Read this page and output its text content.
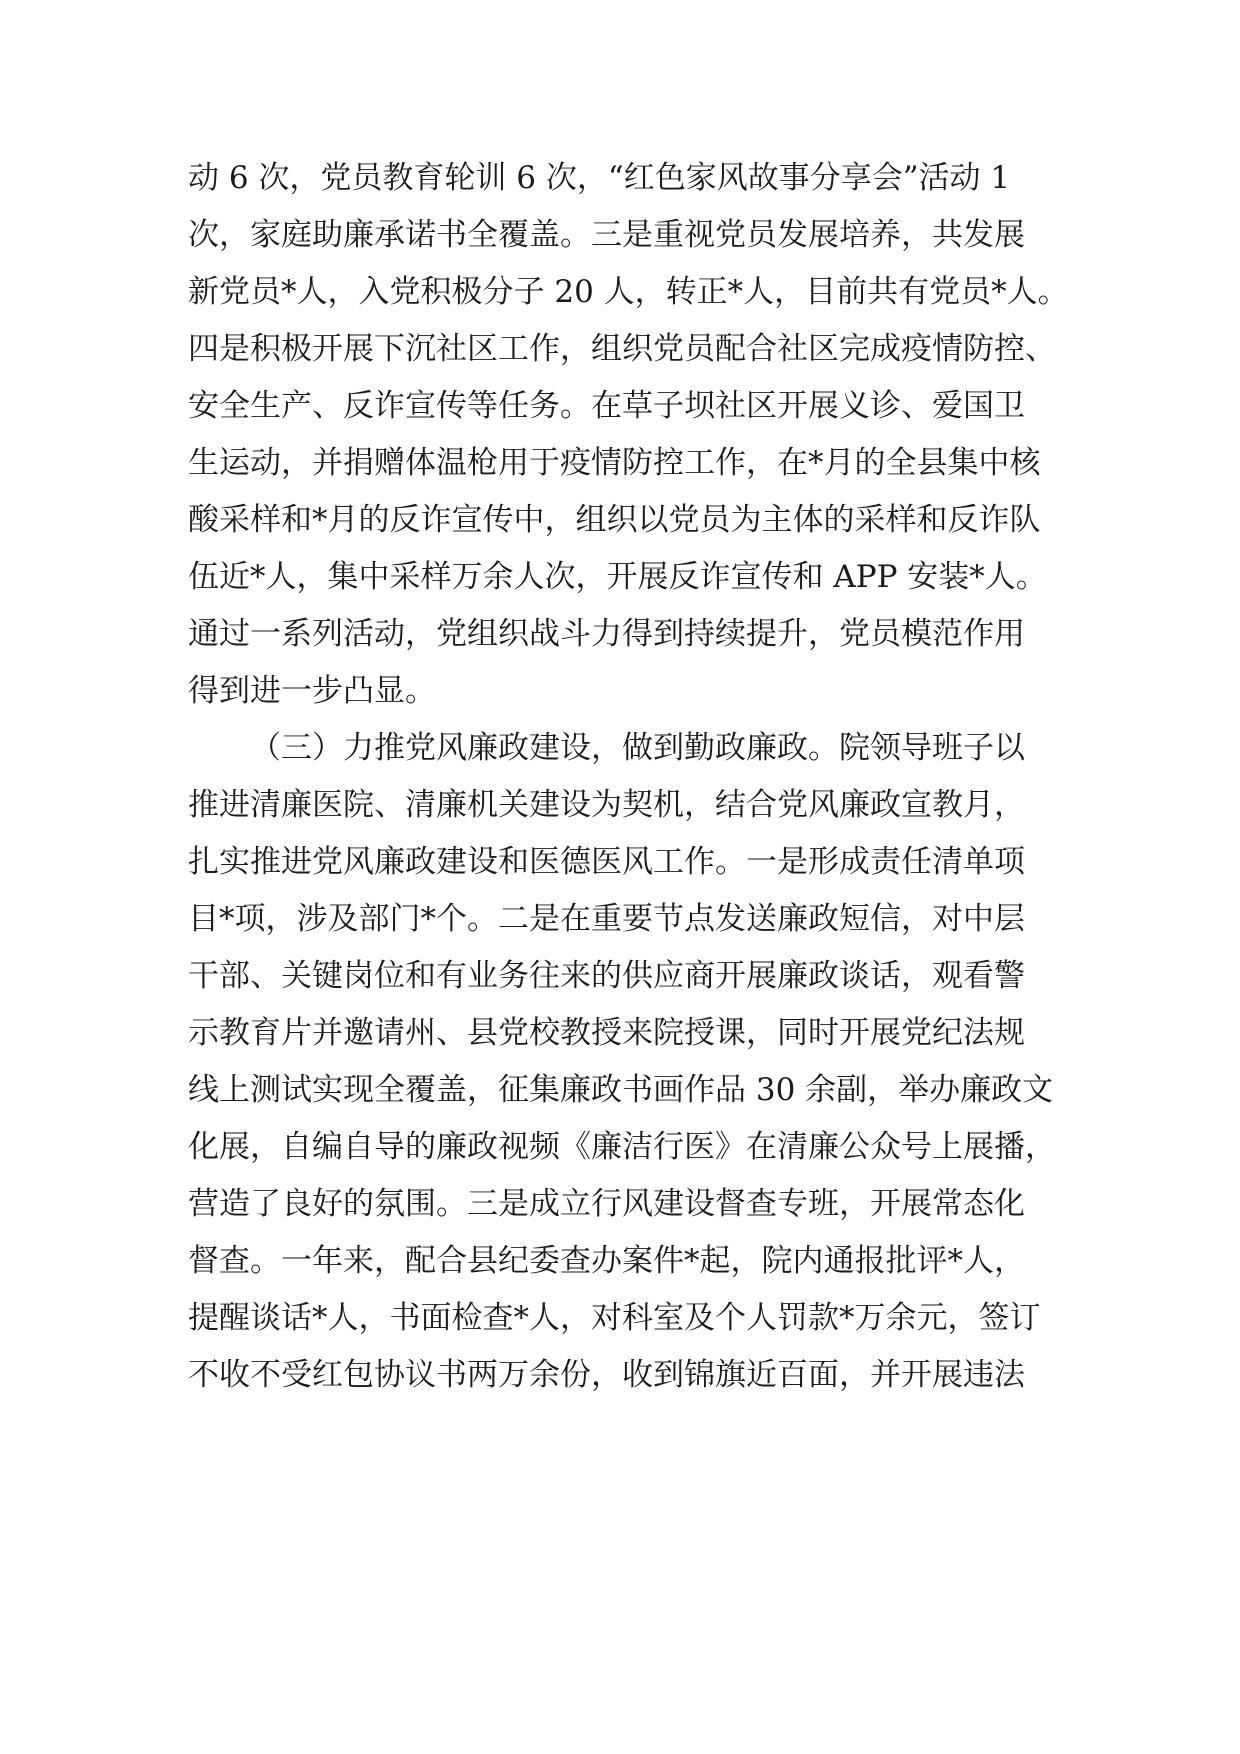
动 6 次，党员教育轮训 6 次，“红色家风故事分享会”活动 1
次，家庭助廉承诺书全覆盖。三是重视党员发展培养，共发展
新党员*人，入党积极分子 20 人，转正*人，目前共有党员*人。
四是积极开展下沉社区工作，组织党员配合社区完成疫情防控、
安全生产、反诈宣传等任务。在草子坝社区开展义诊、爱国卫
生运动，并捐赠体温枪用于疫情防控工作，在*月的全县集中核
酸采样和*月的反诈宣传中，组织以党员为主体的采样和反诈队
伍近*人，集中采样万余人次，开展反诈宣传和 APP 安装*人。
通过一系列活动，党组织战斗力得到持续提升，党员模范作用
得到进一步凸显。
（三）力推党风廉政建设，做到勤政廉政。院领导班子以
推进清廉医院、清廉机关建设为契机，结合党风廉政宣教月，
扎实推进党风廉政建设和医德医风工作。一是形成责任清单项
目*项，涉及部门*个。二是在重要节点发送廉政短信，对中层
干部、关键岗位和有业务往来的供应商开展廉政谈话，观看警
示教育片并邀请州、县党校教授来院授课，同时开展党纪法规
线上测试实现全覆盖，征集廉政书画作品 30 余副，举办廉政文
化展，自编自导的廉政视频《廉洁行医》在清廉公众号上展播，
营造了良好的氛围。三是成立行风建设督查专班，开展常态化
督查。一年来，配合县纪委查办案件*起，院内通报批评*人，
提醒谈话*人，书面检查*人，对科室及个人罚款*万余元，签订
不收不受红包协议书两万余份，收到锦旗近百面，并开展违法
